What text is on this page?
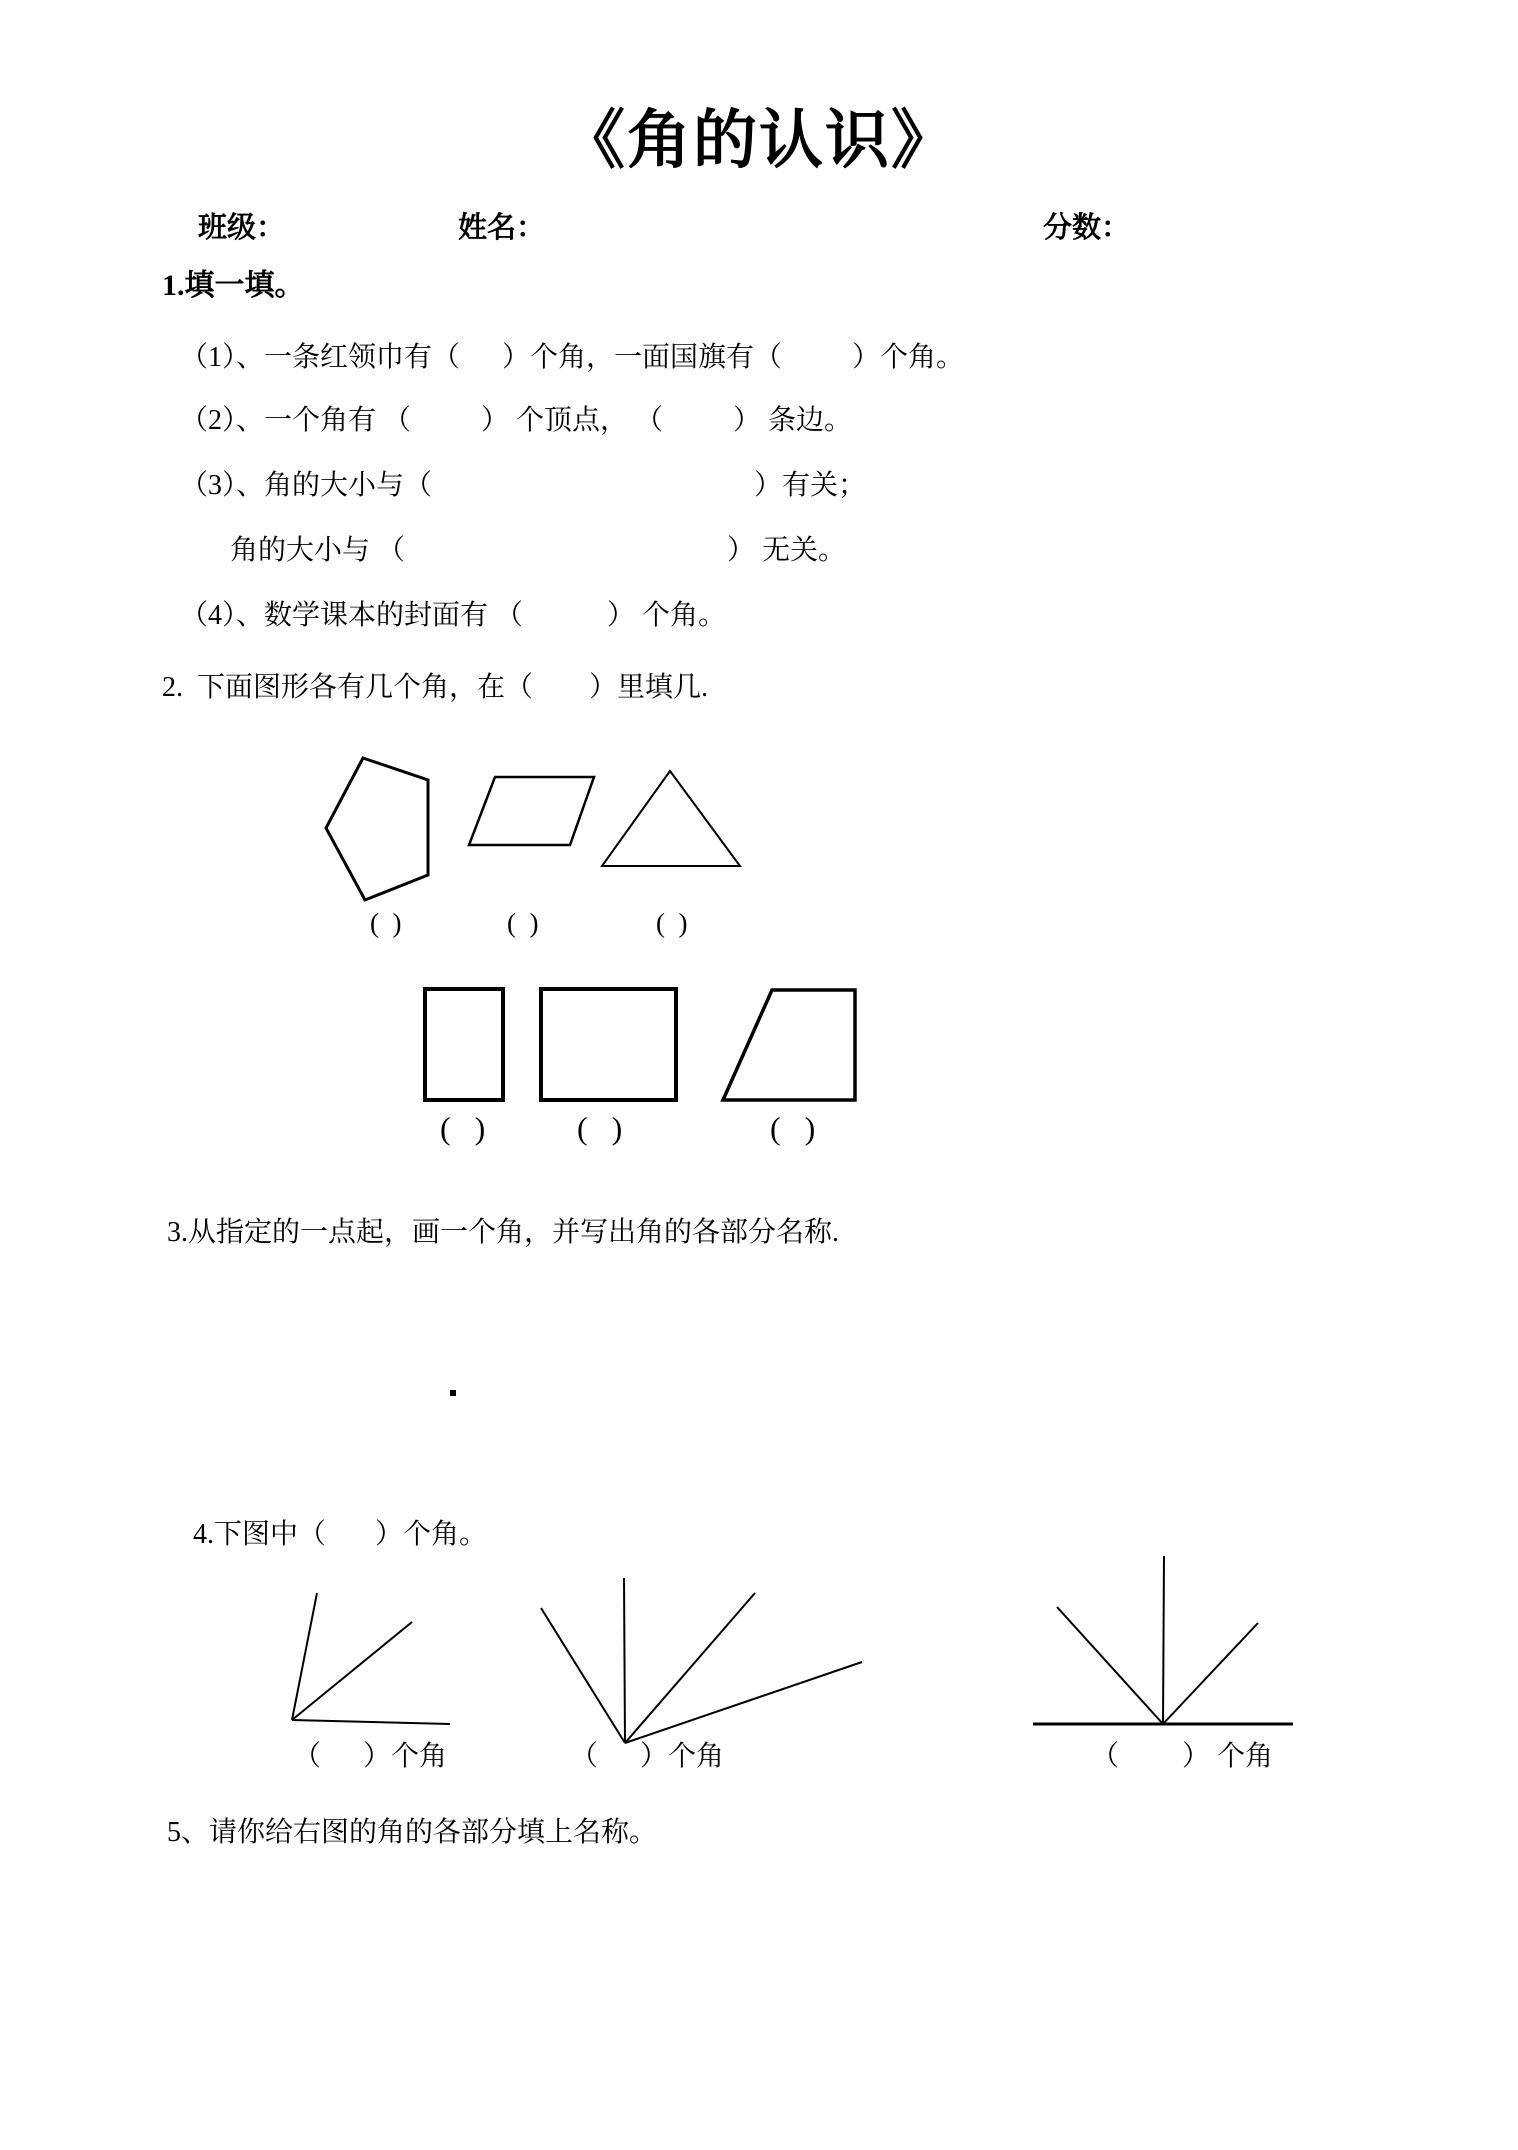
《角的认识》
班级：	姓名：	分数：
1.填一填。
（1）、一条红领巾有（      ）个角，一面国旗有（          ）个角。
（2）、一个角有 （          ） 个顶点， （          ） 条边。
（3）、角的大小与（                                              ）有关；
角的大小与 （                                              ） 无关。
（4）、数学课本的封面有 （            ） 个角。
2.  下面图形各有几个角，在（        ）里填几.
(  )	(  )	(  )
(   )	(   )	(   )
3.从指定的一点起，画一个角，并写出角的各部分名称.
4.下图中（       ）个角。
（      ）个角	（      ）个角	（         ） 个角
5、请你给右图的角的各部分填上名称。
